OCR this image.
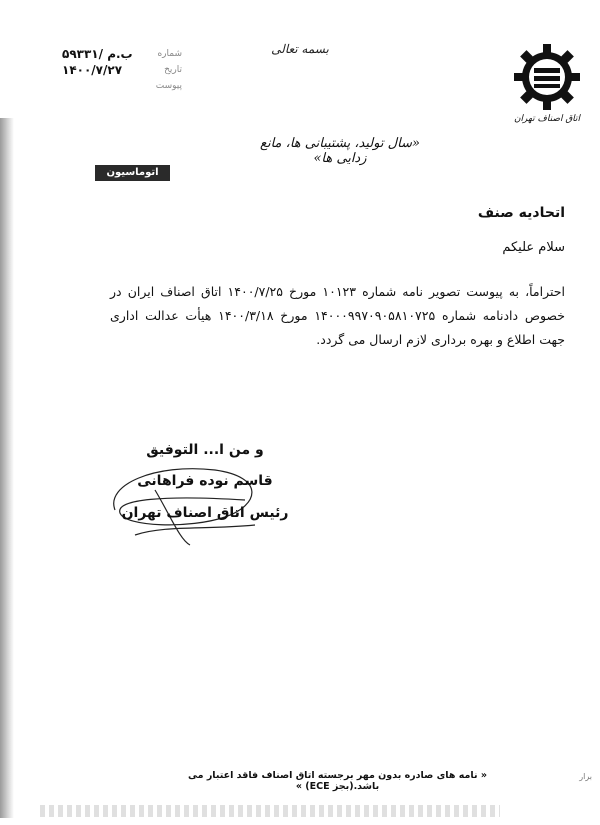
اتاق اصناف تهران
بسمه تعالی
شماره
۵۹۳۳۱/ ب.م
تاریخ
۱۴۰۰/۷/۲۷
پیوست
«سال تولید، پشتیبانی ها، مانع زدایی ها»
اتوماسیون اداری
اتحادیه صنف
سلام علیکم
احتراماً، به پیوست تصویر نامه شماره ۱۰۱۲۳ مورخ ۱۴۰۰/۷/۲۵ اتاق اصناف ایران در خصوص دادنامه شماره ۱۴۰۰۰۹۹۷۰۹۰۵۸۱۰۷۲۵ مورخ ۱۴۰۰/۳/۱۸ هیأت عدالت اداری جهت اطلاع و بهره برداری لازم ارسال می گردد.
و من ا... التوفیق
قاسم نوده فراهانی
رئیس اتاق اصناف تهران
« نامه های صادره بدون مهر برجسته اتاق اصناف فاقد اعتبار می باشد.(بجز ECE) »
برار
